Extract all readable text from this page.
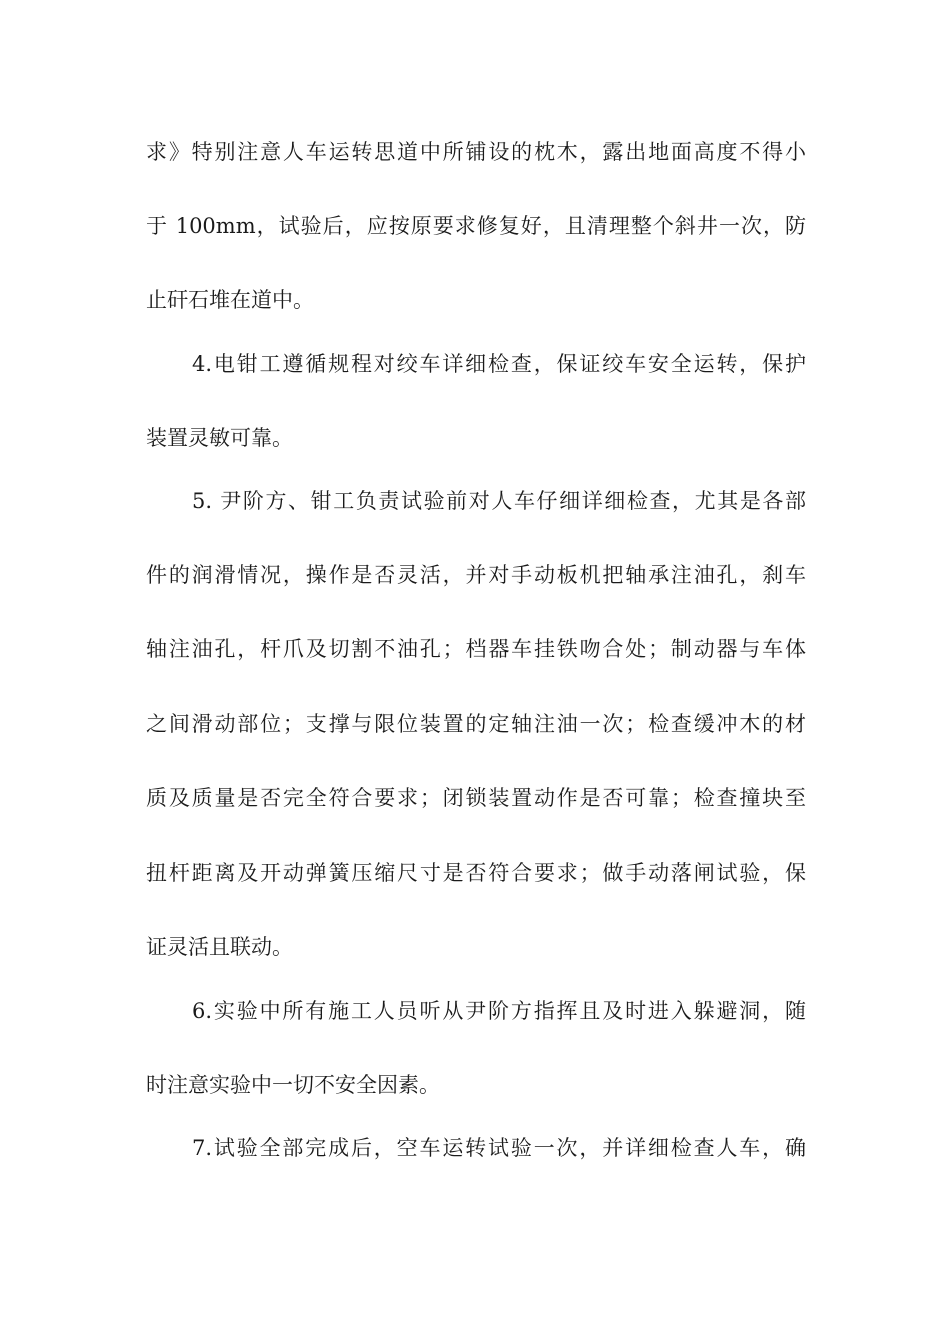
求》特别注意人车运转思道中所铺设的枕木，露出地面高度不得小
于 100mm，试验后，应按原要求修复好，且清理整个斜井一次，防
止矸石堆在道中。
4.电钳工遵循规程对绞车详细检查，保证绞车安全运转，保护
装置灵敏可靠。
5. 尹阶方、钳工负责试验前对人车仔细详细检查，尤其是各部
件的润滑情况，操作是否灵活，并对手动板机把轴承注油孔，刹车
轴注油孔，杆爪及切割不油孔；档器车挂铁吻合处；制动器与车体
之间滑动部位；支撑与限位装置的定轴注油一次；检查缓冲木的材
质及质量是否完全符合要求；闭锁装置动作是否可靠；检查撞块至
扭杆距离及开动弹簧压缩尺寸是否符合要求；做手动落闸试验，保
证灵活且联动。
6.实验中所有施工人员听从尹阶方指挥且及时进入躲避洞，随
时注意实验中一切不安全因素。
7.试验全部完成后，空车运转试验一次，并详细检查人车，确
